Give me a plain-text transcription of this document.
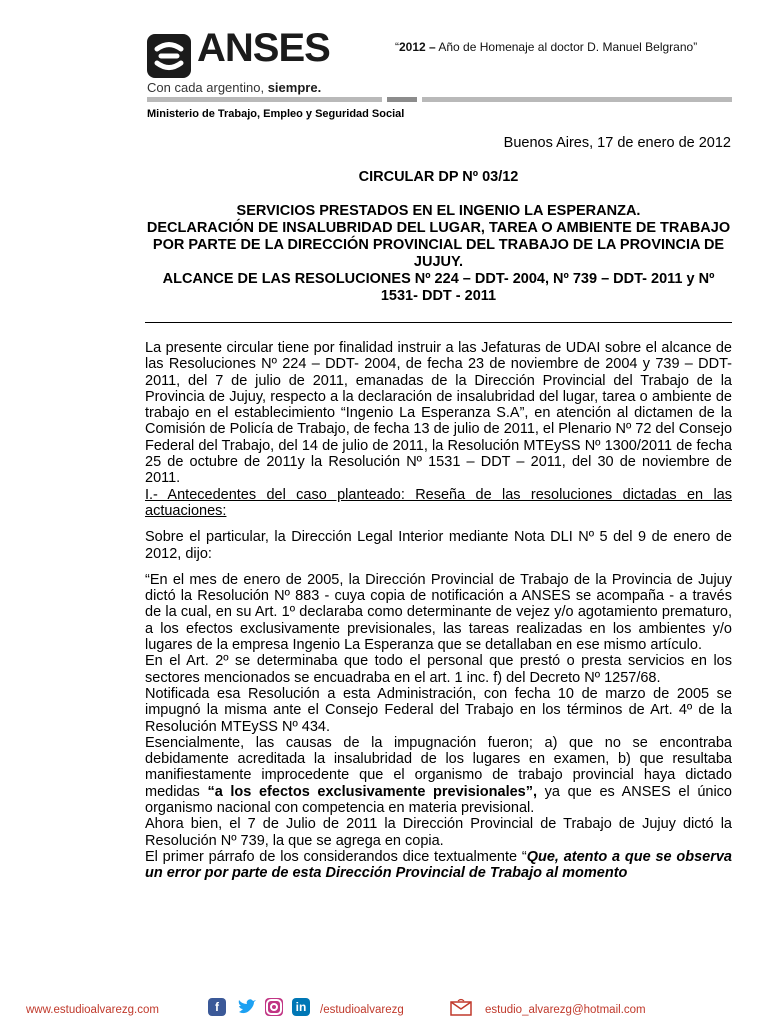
ANSES
Con cada argentino, siempre.
“2012 – Año de Homenaje al doctor D. Manuel Belgrano”
Ministerio de Trabajo, Empleo y Seguridad Social
Buenos Aires, 17 de enero de 2012
CIRCULAR DP Nº 03/12
SERVICIOS PRESTADOS EN EL INGENIO LA ESPERANZA.
DECLARACIÓN DE INSALUBRIDAD DEL LUGAR, TAREA O AMBIENTE DE TRABAJO POR PARTE DE LA DIRECCIÓN PROVINCIAL DEL TRABAJO DE LA PROVINCIA DE JUJUY.
ALCANCE DE LAS RESOLUCIONES Nº 224 – DDT- 2004, Nº 739 – DDT- 2011 y Nº 1531- DDT - 2011

La presente circular tiene por finalidad instruir a las Jefaturas de UDAI sobre el alcance de las Resoluciones Nº 224 – DDT- 2004, de fecha 23 de noviembre de 2004 y 739 – DDT- 2011, del 7 de julio de 2011, emanadas de la Dirección Provincial del Trabajo de la Provincia de Jujuy, respecto a la declaración de insalubridad del lugar, tarea o ambiente de trabajo en el establecimiento “Ingenio La Esperanza S.A”, en atención al dictamen de la Comisión de Policía de Trabajo, de fecha 13 de julio de 2011, el Plenario Nº 72 del Consejo Federal del Trabajo, del 14 de julio de 2011, la Resolución MTEySS Nº 1300/2011 de fecha 25 de octubre de 2011y la Resolución Nº 1531 – DDT – 2011, del 30 de noviembre de 2011.

I.- Antecedentes del caso planteado: Reseña de las resoluciones dictadas en las actuaciones:

Sobre el particular, la Dirección Legal Interior mediante Nota DLI Nº 5 del 9 de enero de 2012, dijo:

“En el mes de enero de 2005, la Dirección Provincial de Trabajo de la Provincia de Jujuy dictó la Resolución Nº 883 - cuya copia de notificación a ANSES se acompaña - a través de la cual, en su Art. 1º declaraba como determinante de vejez y/o agotamiento prematuro, a los efectos exclusivamente previsionales, las tareas realizadas en los ambientes y/o lugares de la empresa Ingenio La Esperanza que se detallaban en ese mismo artículo.

En el Art. 2º se determinaba que todo el personal que prestó o presta servicios en los sectores mencionados se encuadraba en el art. 1 inc. f) del Decreto Nº 1257/68.

Notificada esa Resolución a esta Administración, con fecha 10 de marzo de 2005 se impugnó la misma ante el Consejo Federal del Trabajo en los términos de Art. 4º de la Resolución MTEySS Nº 434.

Esencialmente, las causas de la impugnación fueron; a) que no se encontraba debidamente acreditada la insalubridad de los lugares en examen, b) que resultaba manifiestamente improcedente que el organismo de trabajo provincial haya dictado medidas “a los efectos exclusivamente previsionales”, ya que es ANSES el único organismo nacional con competencia en materia previsional.

Ahora bien, el 7 de Julio de 2011 la Dirección Provincial de Trabajo de Jujuy dictó la Resolución Nº 739, la que se agrega en copia.

El primer párrafo de los considerandos dice textualmente “Que, atento a que se observa un error por parte de esta Dirección Provincial de Trabajo al momento

www.estudioalvarezg.com	f	in	/estudioalvarezg	estudio_alvarezg@hotmail.com
